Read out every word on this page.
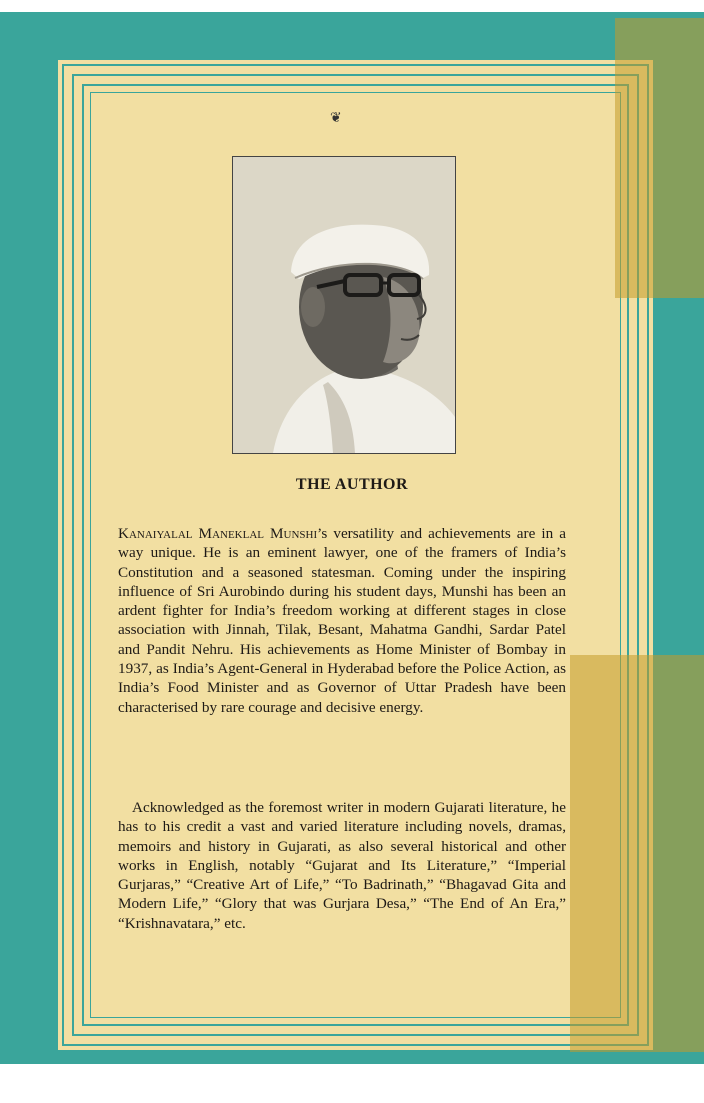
❦
THE AUTHOR

Kanaiyalal Maneklal Munshi’s versatility and achievements are in a way unique. He is an eminent lawyer, one of the framers of India’s Constitution and a seasoned statesman. Coming under the inspiring influence of Sri Aurobindo during his student days, Munshi has been an ardent fighter for India’s freedom working at different stages in close association with Jinnah, Tilak, Besant, Mahatma Gandhi, Sardar Patel and Pandit Nehru. His achievements as Home Minister of Bombay in 1937, as India’s Agent-General in Hyderabad before the Police Action, as India’s Food Minister and as Governor of Uttar Pradesh have been characterised by rare courage and decisive energy.

Acknowledged as the foremost writer in modern Gujarati literature, he has to his credit a vast and varied literature including novels, dramas, memoirs and history in Gujarati, as also several historical and other works in English, notably “Gujarat and Its Literature,” “Imperial Gurjaras,” “Creative Art of Life,” “To Badrinath,” “Bhagavad Gita and Modern Life,” “Glory that was Gurjara Desa,” “The End of An Era,” “Krishnavatara,” etc.
